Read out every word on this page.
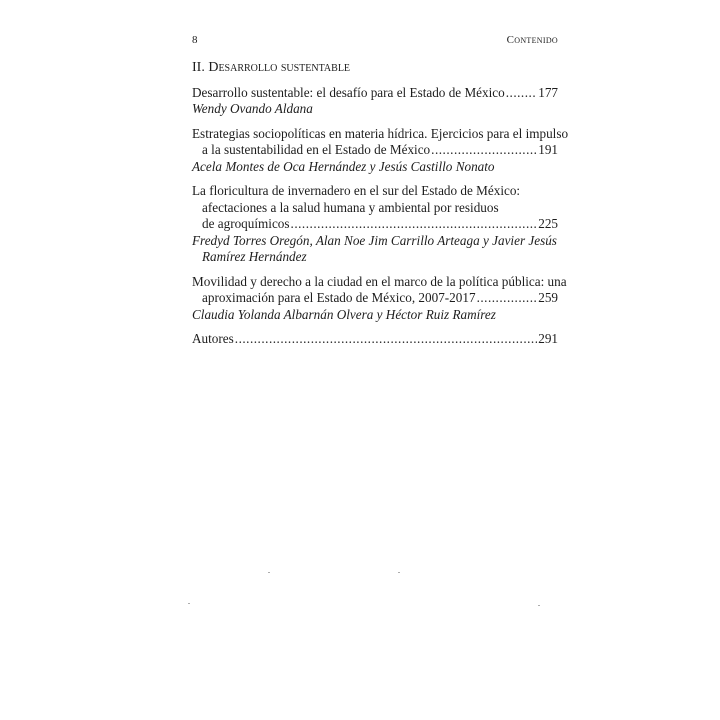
8	Contenido
II. Desarrollo sustentable
Desarrollo sustentable: el desafío para el Estado de México .....	177
Wendy Ovando Aldana
Estrategias sociopolíticas en materia hídrica. Ejercicios para el impulso
a la sustentabilidad en el Estado de México .....	191
Acela Montes de Oca Hernández y Jesús Castillo Nonato
La floricultura de invernadero en el sur del Estado de México:
afectaciones a la salud humana y ambiental por residuos
de agroquímicos .....	225
Fredyd Torres Oregón, Alan Noe Jim Carrillo Arteaga y Javier Jesús
Ramírez Hernández
Movilidad y derecho a la ciudad en el marco de la política pública: una
aproximación para el Estado de México, 2007-2017 .....	259
Claudia Yolanda Albarnán Olvera y Héctor Ruiz Ramírez
Autores .....	291
